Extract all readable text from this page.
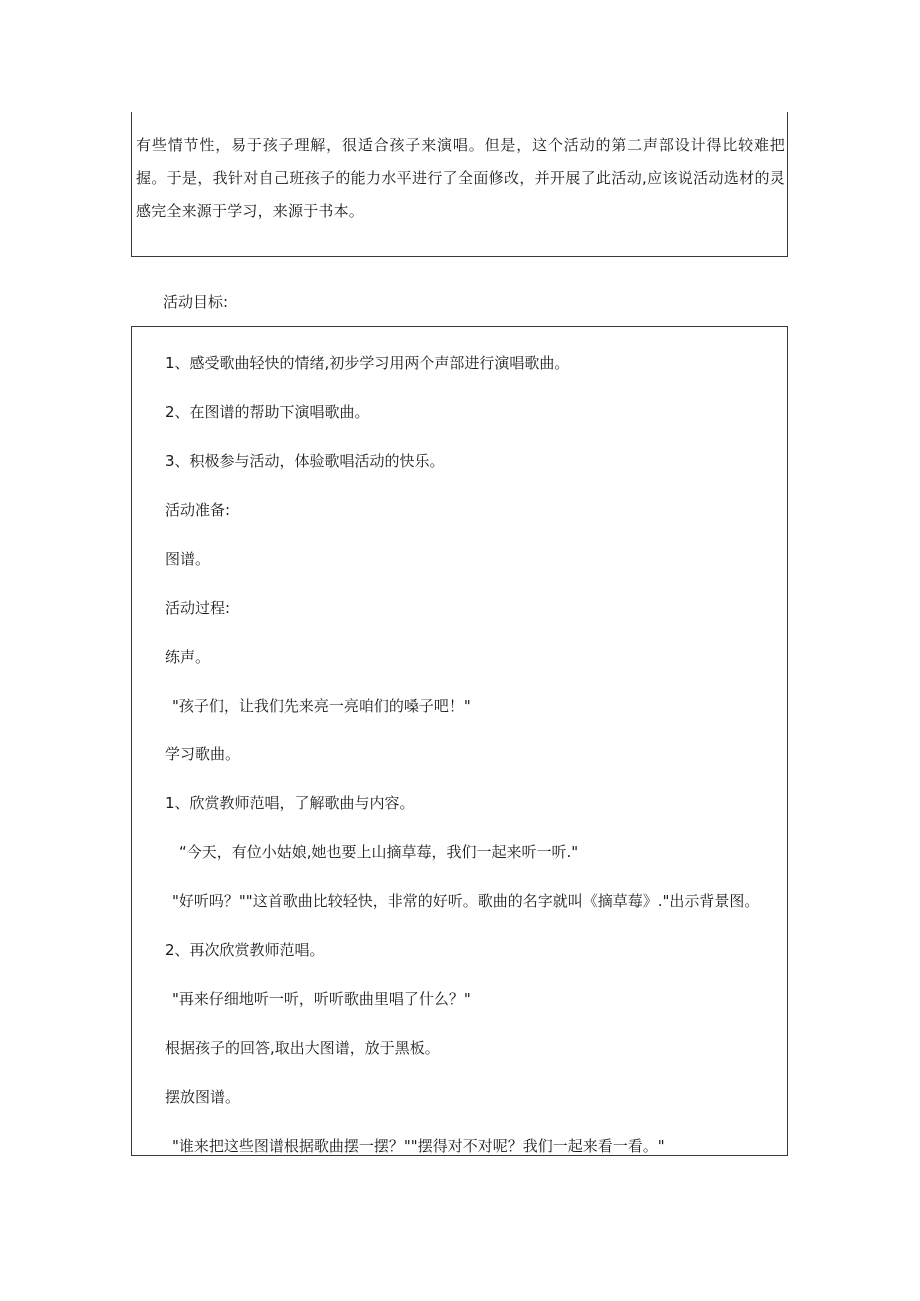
有些情节性，易于孩子理解，很适合孩子来演唱。但是，这个活动的第二声部设计得比较难把握。于是，我针对自己班孩子的能力水平进行了全面修改，并开展了此活动,应该说活动选材的灵感完全来源于学习，来源于书本。

活动目标:

1、感受歌曲轻快的情绪,初步学习用两个声部进行演唱歌曲。

2、在图谱的帮助下演唱歌曲。

3、积极参与活动，体验歌唱活动的快乐。

活动准备:

图谱。

活动过程:

练声。

"孩子们，让我们先来亮一亮咱们的嗓子吧！"

学习歌曲。

1、欣赏教师范唱，了解歌曲与内容。

“今天，有位小姑娘,她也要上山摘草莓，我们一起来听一听."

"好听吗？""这首歌曲比较轻快，非常的好听。歌曲的名字就叫《摘草莓》."出示背景图。

2、再次欣赏教师范唱。

"再来仔细地听一听，听听歌曲里唱了什么？"

根据孩子的回答,取出大图谱，放于黑板。

摆放图谱。

"谁来把这些图谱根据歌曲摆一摆？""摆得对不对呢？我们一起来看一看。"
